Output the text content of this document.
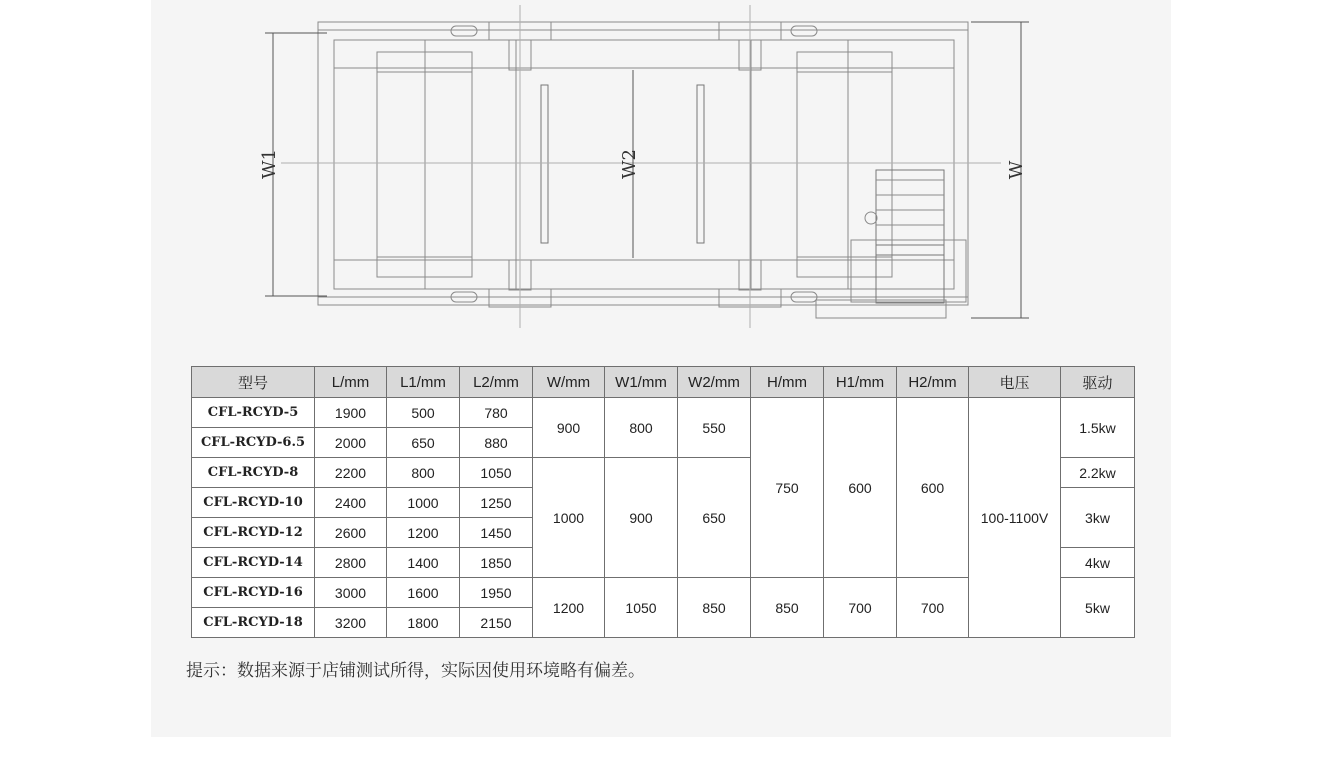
W1	W2	W
型号	L/mm	L1/mm	L2/mm	W/mm	W1/mm	W2/mm	H/mm	H1/mm	H2/mm	电压	驱动
CFL-RCYD-5	1900	500	780	900	800	550	750	600	600	100-1100V	1.5kw
CFL-RCYD-6.5	2000	650	880								
CFL-RCYD-8	2200	800	1050	1000	900	650					2.2kw
CFL-RCYD-10	2400	1000	1250								3kw
CFL-RCYD-12	2600	1200	1450								
CFL-RCYD-14	2800	1400	1850								4kw
CFL-RCYD-16	3000	1600	1950	1200	1050	850	850	700	700		5kw
CFL-RCYD-18	3200	1800	2150								
提示：数据来源于店铺测试所得，实际因使用环境略有偏差。
